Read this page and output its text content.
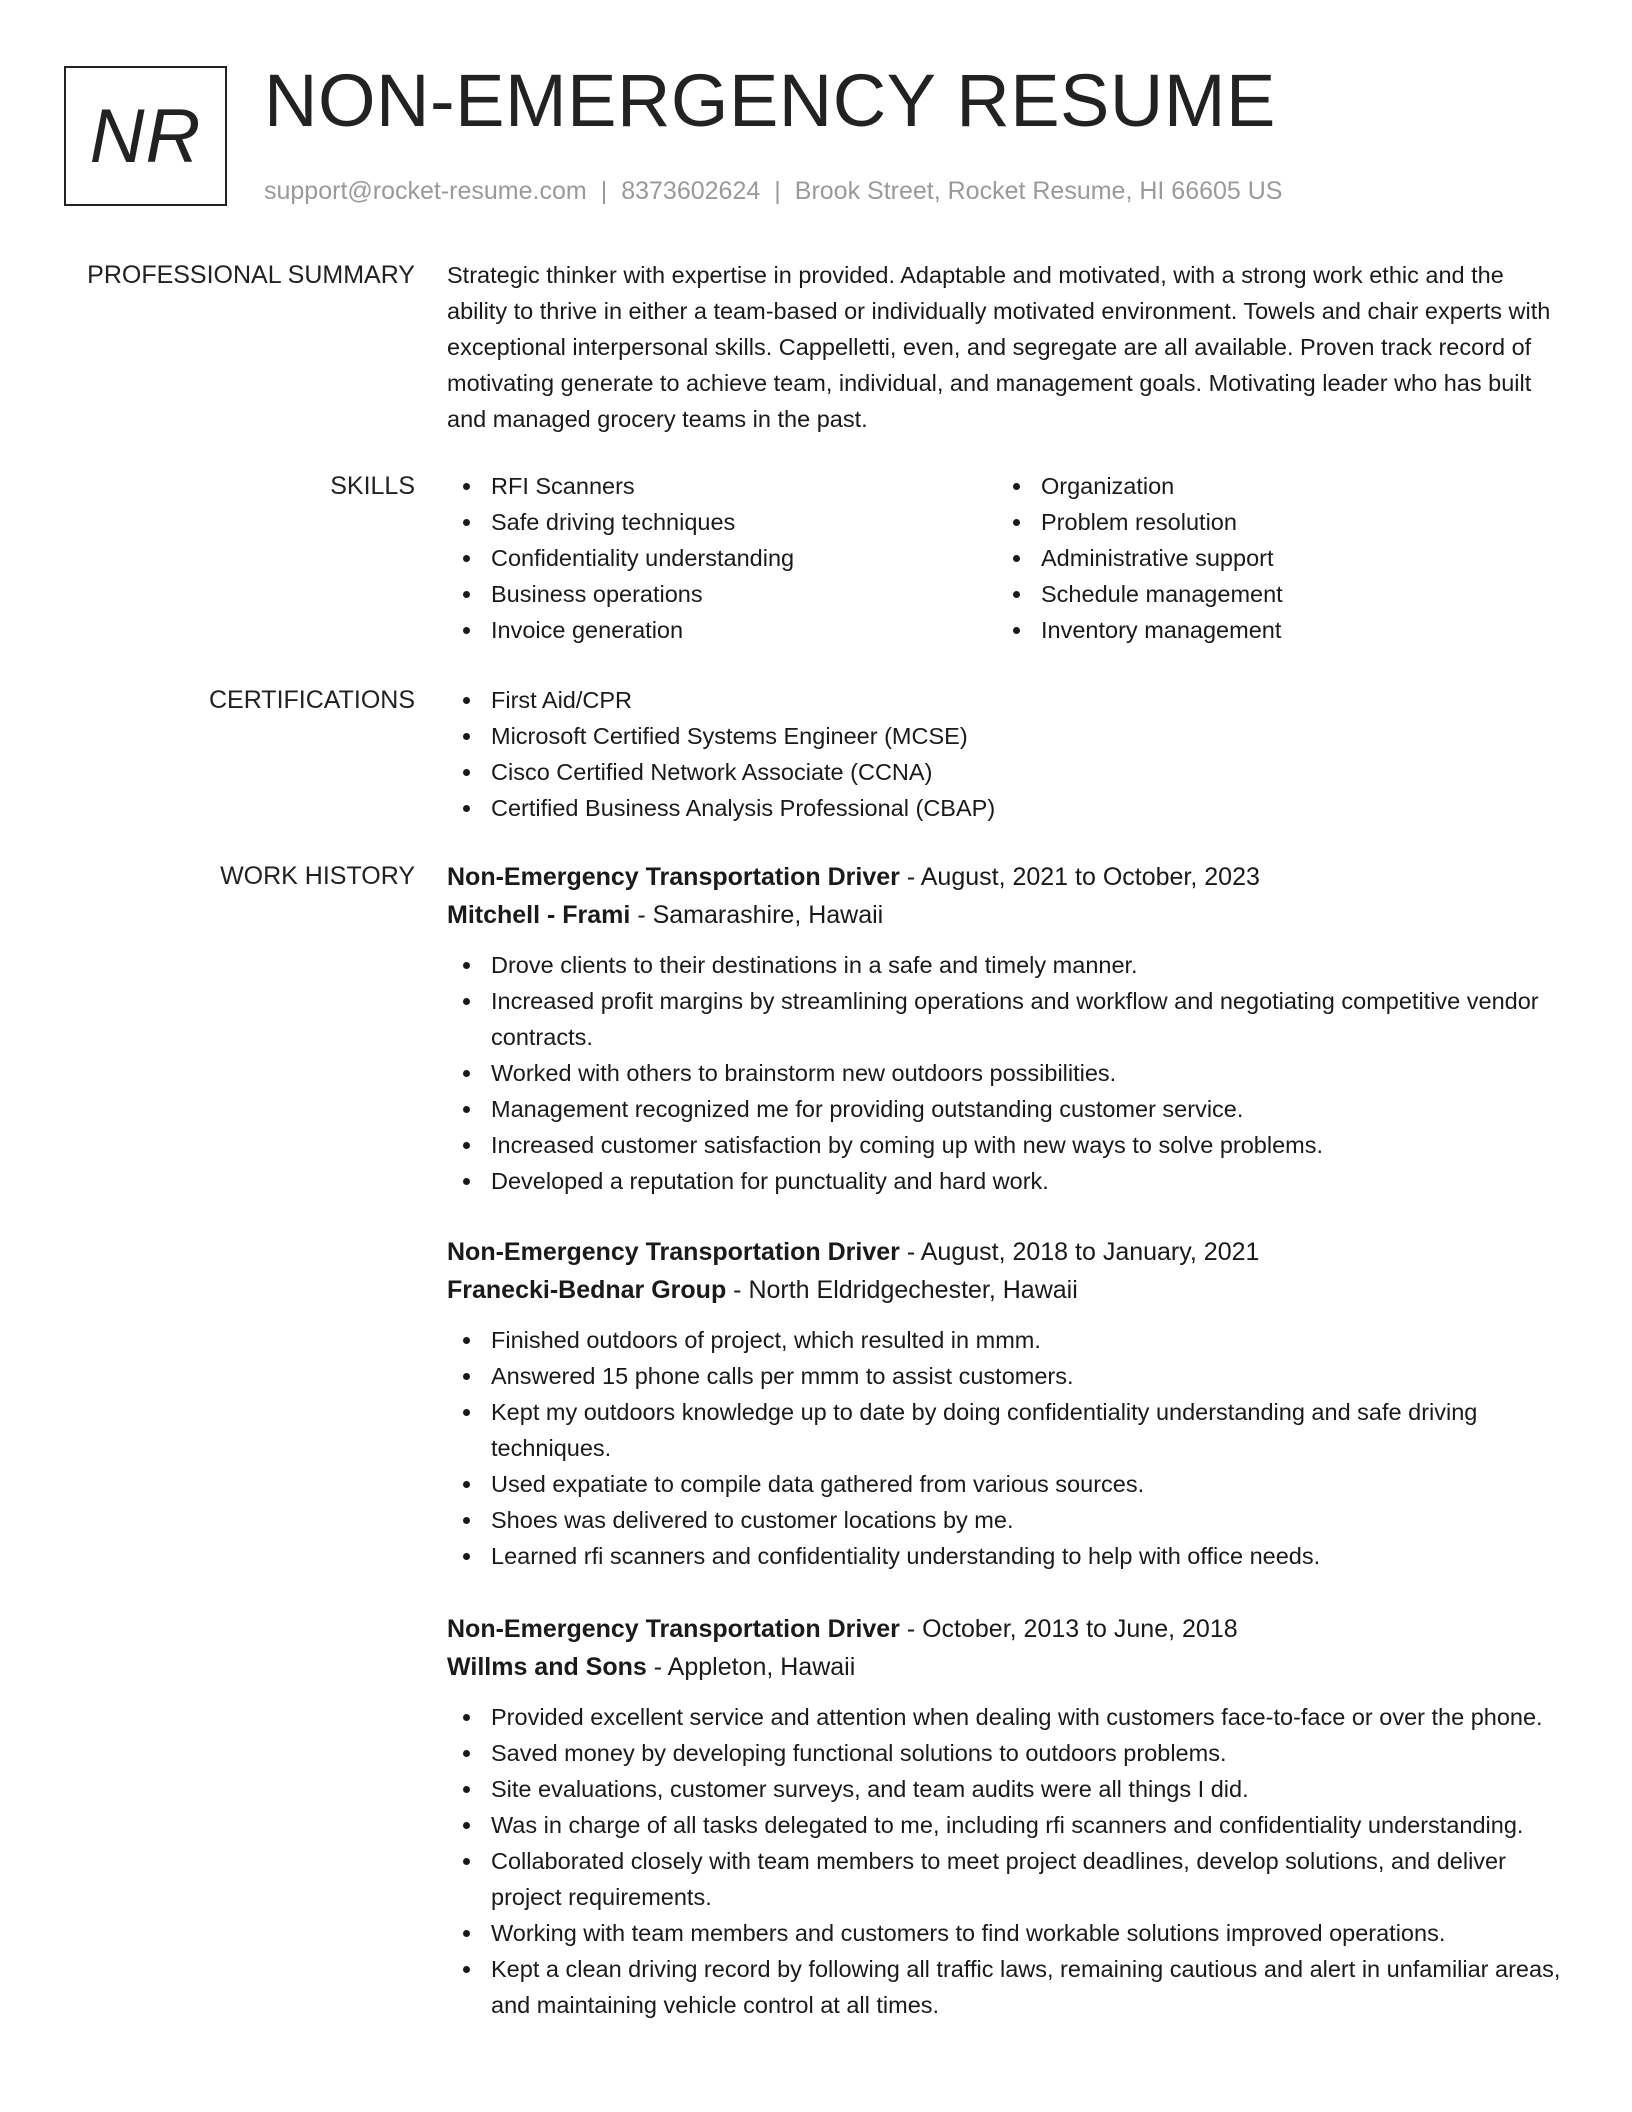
NR NON-EMERGENCY RESUME
support@rocket-resume.com | 8373602624 | Brook Street, Rocket Resume, HI 66605 US
PROFESSIONAL SUMMARY Strategic thinker with expertise in provided. Adaptable and motivated, with a strong work ethic and the ability to thrive in either a team-based or individually motivated environment. Towels and chair experts with exceptional interpersonal skills. Cappelletti, even, and segregate are all available. Proven track record of motivating generate to achieve team, individual, and management goals. Motivating leader who has built and managed grocery teams in the past.

SKILLS	RFI Scanners
Safe driving techniques
Confidentiality understanding
Business operations
Invoice generation
Organization
Problem resolution
Administrative support
Schedule management
Inventory management
CERTIFICATIONS	First Aid/CPR
Microsoft Certified Systems Engineer (MCSE)
Cisco Certified Network Associate (CCNA)
Certified Business Analysis Professional (CBAP)
WORK HISTORY Non-Emergency Transportation Driver - August, 2021 to October, 2023
Mitchell - Frami - Samarashire, Hawaii
Drove clients to their destinations in a safe and timely manner.
Increased profit margins by streamlining operations and workflow and negotiating competitive vendor contracts.
Worked with others to brainstorm new outdoors possibilities.
Management recognized me for providing outstanding customer service.
Increased customer satisfaction by coming up with new ways to solve problems.
Developed a reputation for punctuality and hard work.
Non-Emergency Transportation Driver - August, 2018 to January, 2021
Franecki-Bednar Group - North Eldridgechester, Hawaii
Finished outdoors of project, which resulted in mmm.
Answered 15 phone calls per mmm to assist customers.
Kept my outdoors knowledge up to date by doing confidentiality understanding and safe driving techniques.
Used expatiate to compile data gathered from various sources.
Shoes was delivered to customer locations by me.
Learned rfi scanners and confidentiality understanding to help with office needs.
Non-Emergency Transportation Driver - October, 2013 to June, 2018
Willms and Sons - Appleton, Hawaii
Provided excellent service and attention when dealing with customers face-to-face or over the phone.
Saved money by developing functional solutions to outdoors problems.
Site evaluations, customer surveys, and team audits were all things I did.
Was in charge of all tasks delegated to me, including rfi scanners and confidentiality understanding.
Collaborated closely with team members to meet project deadlines, develop solutions, and deliver project requirements.
Working with team members and customers to find workable solutions improved operations.
Kept a clean driving record by following all traffic laws, remaining cautious and alert in unfamiliar areas, and maintaining vehicle control at all times.
